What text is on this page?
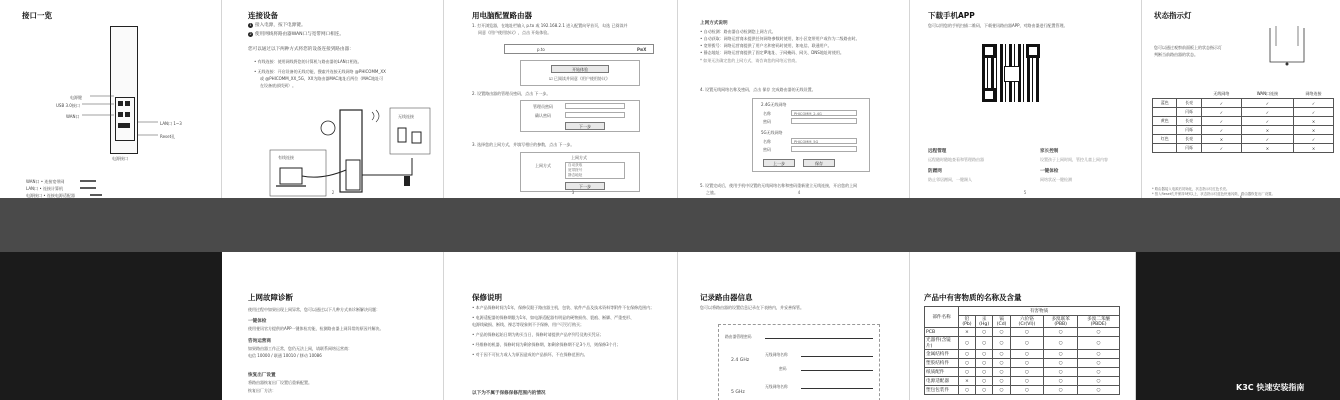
接口一览
电源键
USB 3.0接口
WAN口
LAN口 1~3
Reset孔
电源接口
WAN口 • 连接宽带网
LAN口 • 连接计算机
电源接口 • 连接电源适配器
连接设备
1 接入电源，按下电源键。
2 使用网线将路由器WAN口与宽带网口相连。
您可以通过以下两种方式将您的设备连接到路由器：
• 有线连接：使用网线将您的计算机与路由器的LAN口相连。
• 无线连接：开启设备的无线功能，搜索并连接无线网络 @PHICOMM_XX
或 @PHICOMM_XX_5G，XX为路由器MAC地址后两位（MAC地址可
在设备底部找到）。
有线连接
无线连接
2
用电脑配置路由器
1. 打开浏览器，在地址栏输入 p.to 或 192.168.2.1 进入配置向导首页，勾选 已阅读并
同意《用户使用协议》，点击 开始体验。
p.to	P⊞X
开始体验
☑ 已阅读并同意《用户使用协议》
2. 设置路由器的管理员密码，点击 下一步。
管理员密码
确认密码
下一步
3. 选择您的上网方式，并填写相应的参数，点击 下一步。
上网方式
上网方式	自动获取
宽带拨号
静态地址
下一步
3
上网方式说明
• 自动检测：路由器自动检测您上网方式。
• 自动获取：网络运营商未提供任何网络参数时使用，如小区宽带用户或作为二级路由时。
• 宽带拨号：网络运营商提供了用户名和密码时使用，如电信、联通用户。
• 静态地址：网络运营商提供了固定IP地址、子网掩码、网关、DNS地址时使用。
* 如果无法确定您的上网方式，请咨询您的网络运营商。
4. 设置无线网络名称及密码，点击 保存 完成路由器的无线设置。
2.4G无线网络
名称	PHICOMM_2.4G
密码
5G无线网络
名称	PHICOMM_5G
密码
上一步	保存
5. 设置完成后，使用手机中设置的无线网络名称和密码重新建立无线连接，开启您的上网
之旅。	4
下载手机APP
您可以用您的手机扫描二维码，下载斐讯路由器APP，对路由器进行配置管理。
远程管理
远程随时随地查看和管理路由器
家长控制
设置孩子上网时间，管控儿童上网内容
防蹭网
防止邻居蹭网，一键踢人
一键体检
网络状况一键检测
5
状态指示灯
您可以通过观察前面板上的状态指示灯
判断当前路由器的状态。
		无线网络	WAN口连接	网络连接
蓝色	长亮	✓	✓	✓
	闪烁	✓	✓	✓
黄色	长亮	✓	✓	×
	闪烁	✓	×	×
红色	长亮	×	✓	✓
	闪烁	✓	×	×
* 路由器接入电源后初始化，状态指示灯红色长亮。
* 按入Reset孔并保持5秒以上，状态指示灯蓝色快速闪烁，路由器恢复出厂设置。
6
上网故障诊断
使用过程中如果出现上网异常，您可以通过以下几种方式来诊断解决问题：
一键体检
使用斐讯官方提供的APP一键体检功能，检测路由器上网异常的原因并解决。
咨询运营商
如果路由器工作正常，您仍无法上网，请联系网络运营商：
电信 10000 / 联通 10010 / 移动 10086
恢复出厂设置
将路由器恢复出厂设置后重新配置。
恢复出厂方法：
保修说明
• 本产品保修时间为1年，保修仅限于路由器主机，包装、软件产品及技术资料等附件不在保修范围内；
• 电源适配器的保修期限为1年，如电源适配器有明显的硬物损伤、裂痕、断脚、严重变形、
电源线破损、断线、裸芯等现象则不予保修，用户可另行购买；
• 产品的保修起始日期为购买当日，保修时请提供产品序列号及购买凭证；
• 经维修的机器，保修时间为剩余保修期，如剩余保修期不足3个月，则保修3个月；
• 对于因不可抗力或人为原因造成的产品损坏，不在保修范围内。
以下为不属于保修保修范围内的情况
记录路由器信息
您可以将路由器的设置信息记录在下表格内，并妥善保管。
路由器管理密码
2.4 GHz
无线网络名称
密码
5 GHz
无线网络名称
产品中有害物质的名称及含量
部件名称	有害物质					
	铅(Pb)	汞(Hg)	镉(Cd)	六价铬(Cr(VI))	多溴联苯(PBB)	多溴二苯醚(PBDE)
PCB	×	○	○	○	○	○
光器件(含镜片)	○	○	○	○	○	○
金属结构件	○	○	○	○	○	○
塑胶结构件	○	○	○	○	○	○
纸质配件	○	○	○	○	○	○
电源适配器	×	○	○	○	○	○
塑包包装件	○	○	○	○	○	○	K3C 快速安装指南
